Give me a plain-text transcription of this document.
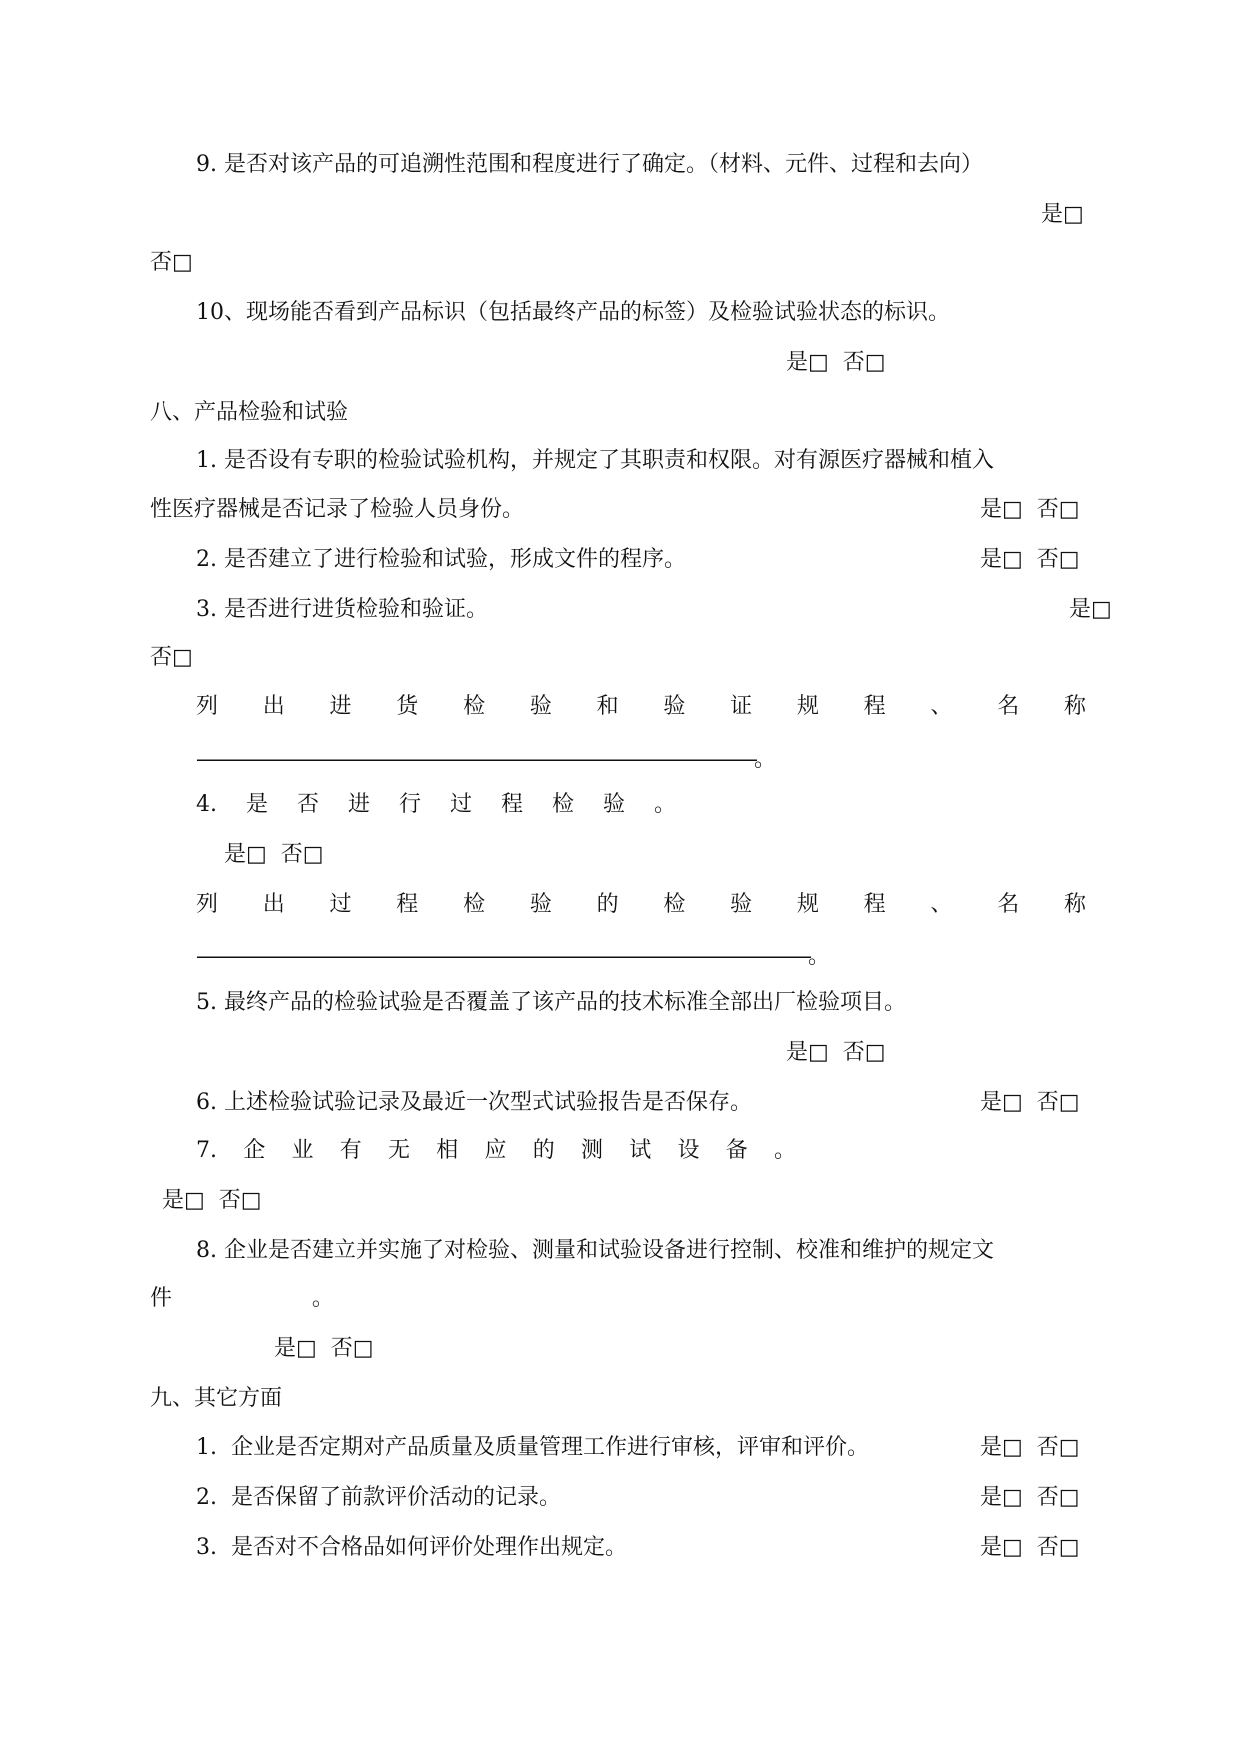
9. 是否对该产品的可追溯性范围和程度进行了确定。（材料、元件、过程和去向）
是□
否□
10、现场能否看到产品标识（包括最终产品的标签）及检验试验状态的标识。
是□  否□
八、产品检验和试验
1. 是否设有专职的检验试验机构，并规定了其职责和权限。对有源医疗器械和植入
性医疗器械是否记录了检验人员身份。	是□  否□
2. 是否建立了进行检验和试验，形成文件的程序。	是□  否□
3. 是否进行进货检验和验证。	是□
否□
列 出 进 货 检 验 和 验 证 规 程 、 名 称
———————————————————————————————。
4. 是 否 进 行 过 程 检 验 。
是□  否□
列 出 过 程 检 验 的 检 验 规 程 、 名 称
——————————————————————————————————。
5. 最终产品的检验试验是否覆盖了该产品的技术标准全部出厂检验项目。
是□  否□
6. 上述检验试验记录及最近一次型式试验报告是否保存。	是□  否□
7. 企 业 有 无 相 应 的 测 试 设 备 。
是□  否□
8. 企业是否建立并实施了对检验、测量和试验设备进行控制、校准和维护的规定文
件                    。
是□  否□
九、其它方面
1.  企业是否定期对产品质量及质量管理工作进行审核，评审和评价。	是□  否□
2.  是否保留了前款评价活动的记录。	是□  否□
3.  是否对不合格品如何评价处理作出规定。	是□  否□
